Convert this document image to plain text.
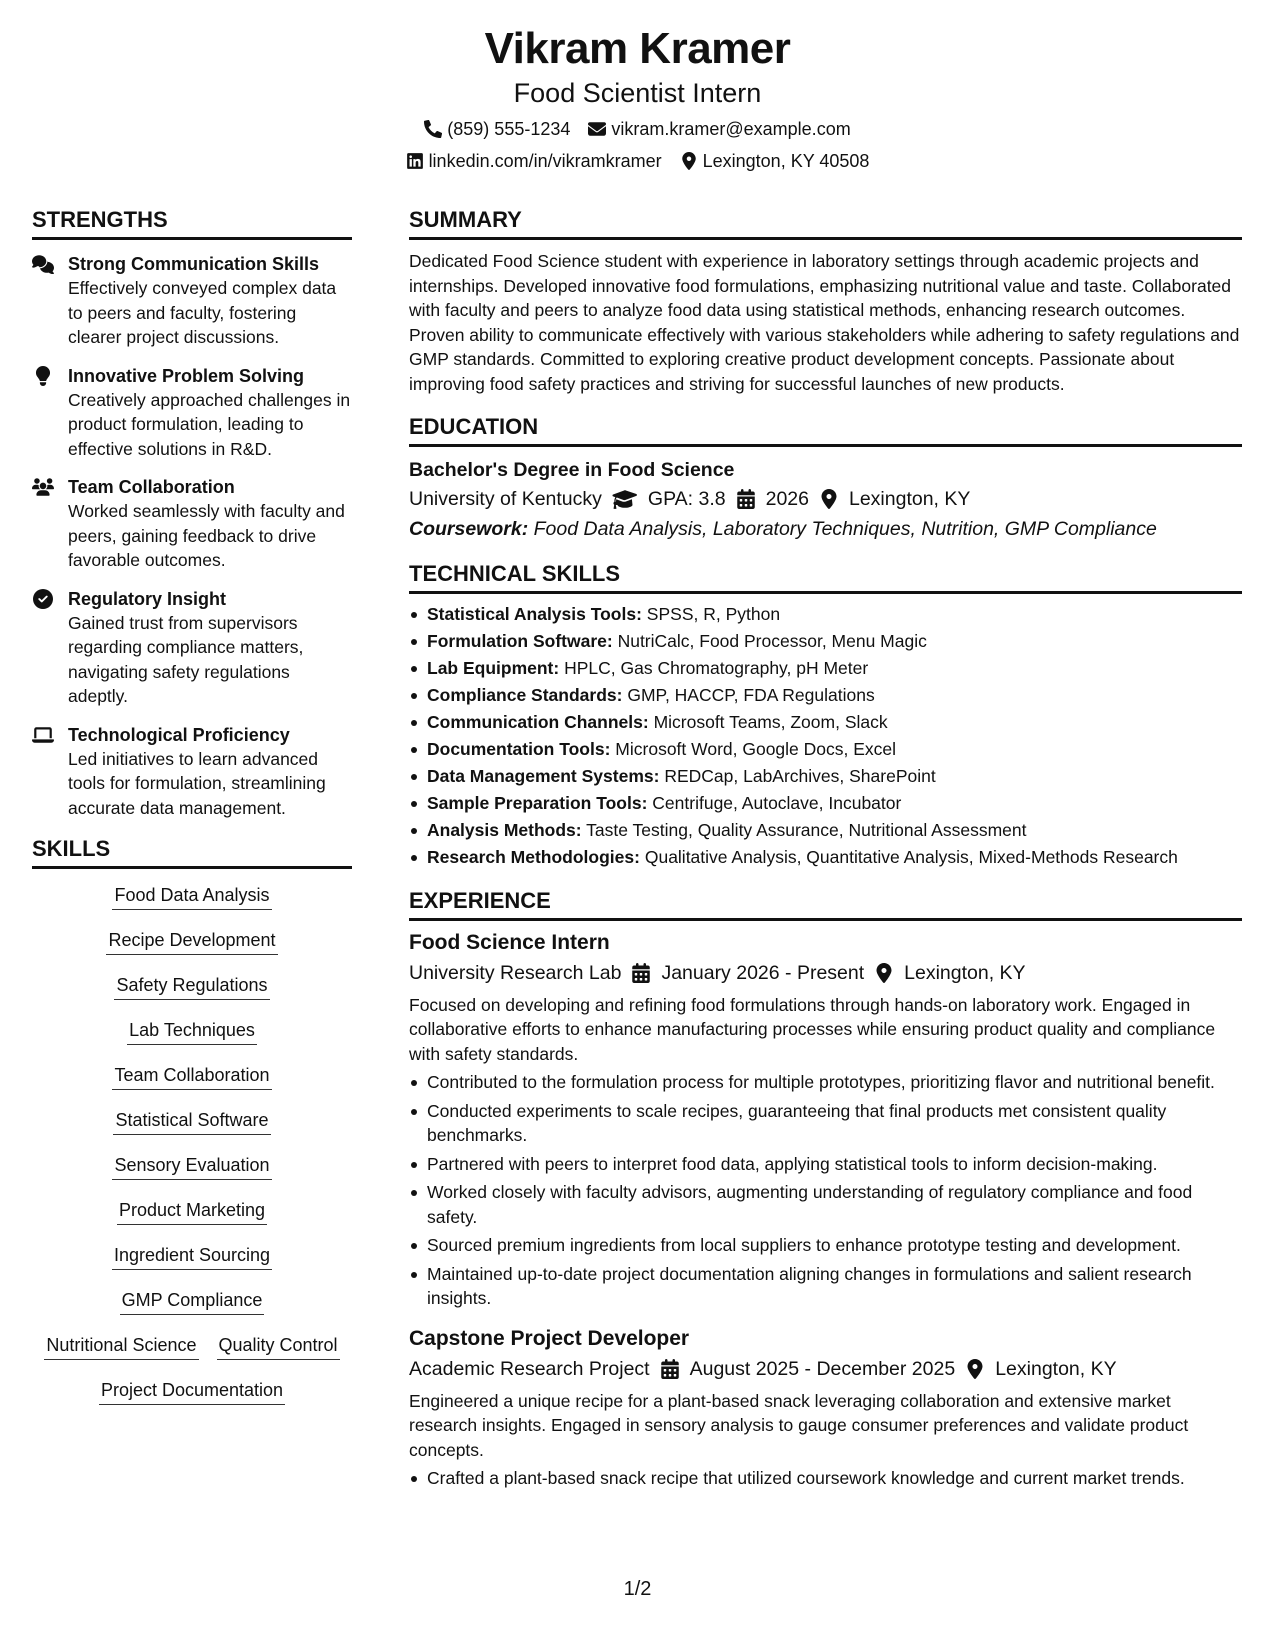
Vikram Kramer
Food Scientist Intern
(859) 555-1234 vikram.kramer@example.com
linkedin.com/in/vikramkramer Lexington, KY 40508
STRENGTHS
Strong Communication Skills
Effectively conveyed complex data to peers and faculty, fostering clearer project discussions.
Innovative Problem Solving
Creatively approached challenges in product formulation, leading to effective solutions in R&D.
Team Collaboration
Worked seamlessly with faculty and peers, gaining feedback to drive favorable outcomes.
Regulatory Insight
Gained trust from supervisors regarding compliance matters, navigating safety regulations adeptly.
Technological Proficiency
Led initiatives to learn advanced tools for formulation, streamlining accurate data management.
SKILLS
Food Data Analysis
Recipe Development
Safety Regulations
Lab Techniques
Team Collaboration
Statistical Software
Sensory Evaluation
Product Marketing
Ingredient Sourcing
GMP Compliance
Nutritional Science Quality Control
Project Documentation
SUMMARY
Dedicated Food Science student with experience in laboratory settings through academic projects and internships. Developed innovative food formulations, emphasizing nutritional value and taste. Collaborated with faculty and peers to analyze food data using statistical methods, enhancing research outcomes. Proven ability to communicate effectively with various stakeholders while adhering to safety regulations and GMP standards. Committed to exploring creative product development concepts. Passionate about improving food safety practices and striving for successful launches of new products.
EDUCATION
Bachelor's Degree in Food Science
University of Kentucky GPA: 3.8 2026 Lexington, KY
Coursework: Food Data Analysis, Laboratory Techniques, Nutrition, GMP Compliance
TECHNICAL SKILLS
Statistical Analysis Tools: SPSS, R, Python
Formulation Software: NutriCalc, Food Processor, Menu Magic
Lab Equipment: HPLC, Gas Chromatography, pH Meter
Compliance Standards: GMP, HACCP, FDA Regulations
Communication Channels: Microsoft Teams, Zoom, Slack
Documentation Tools: Microsoft Word, Google Docs, Excel
Data Management Systems: REDCap, LabArchives, SharePoint
Sample Preparation Tools: Centrifuge, Autoclave, Incubator
Analysis Methods: Taste Testing, Quality Assurance, Nutritional Assessment
Research Methodologies: Qualitative Analysis, Quantitative Analysis, Mixed-Methods Research
EXPERIENCE
Food Science Intern
University Research Lab January 2026 - Present Lexington, KY
Focused on developing and refining food formulations through hands-on laboratory work. Engaged in collaborative efforts to enhance manufacturing processes while ensuring product quality and compliance with safety standards.
Contributed to the formulation process for multiple prototypes, prioritizing flavor and nutritional benefit.
Conducted experiments to scale recipes, guaranteeing that final products met consistent quality benchmarks.
Partnered with peers to interpret food data, applying statistical tools to inform decision-making.
Worked closely with faculty advisors, augmenting understanding of regulatory compliance and food safety.
Sourced premium ingredients from local suppliers to enhance prototype testing and development.
Maintained up-to-date project documentation aligning changes in formulations and salient research insights.
Capstone Project Developer
Academic Research Project August 2025 - December 2025 Lexington, KY
Engineered a unique recipe for a plant-based snack leveraging collaboration and extensive market research insights. Engaged in sensory analysis to gauge consumer preferences and validate product concepts.
Crafted a plant-based snack recipe that utilized coursework knowledge and current market trends.
1/2
